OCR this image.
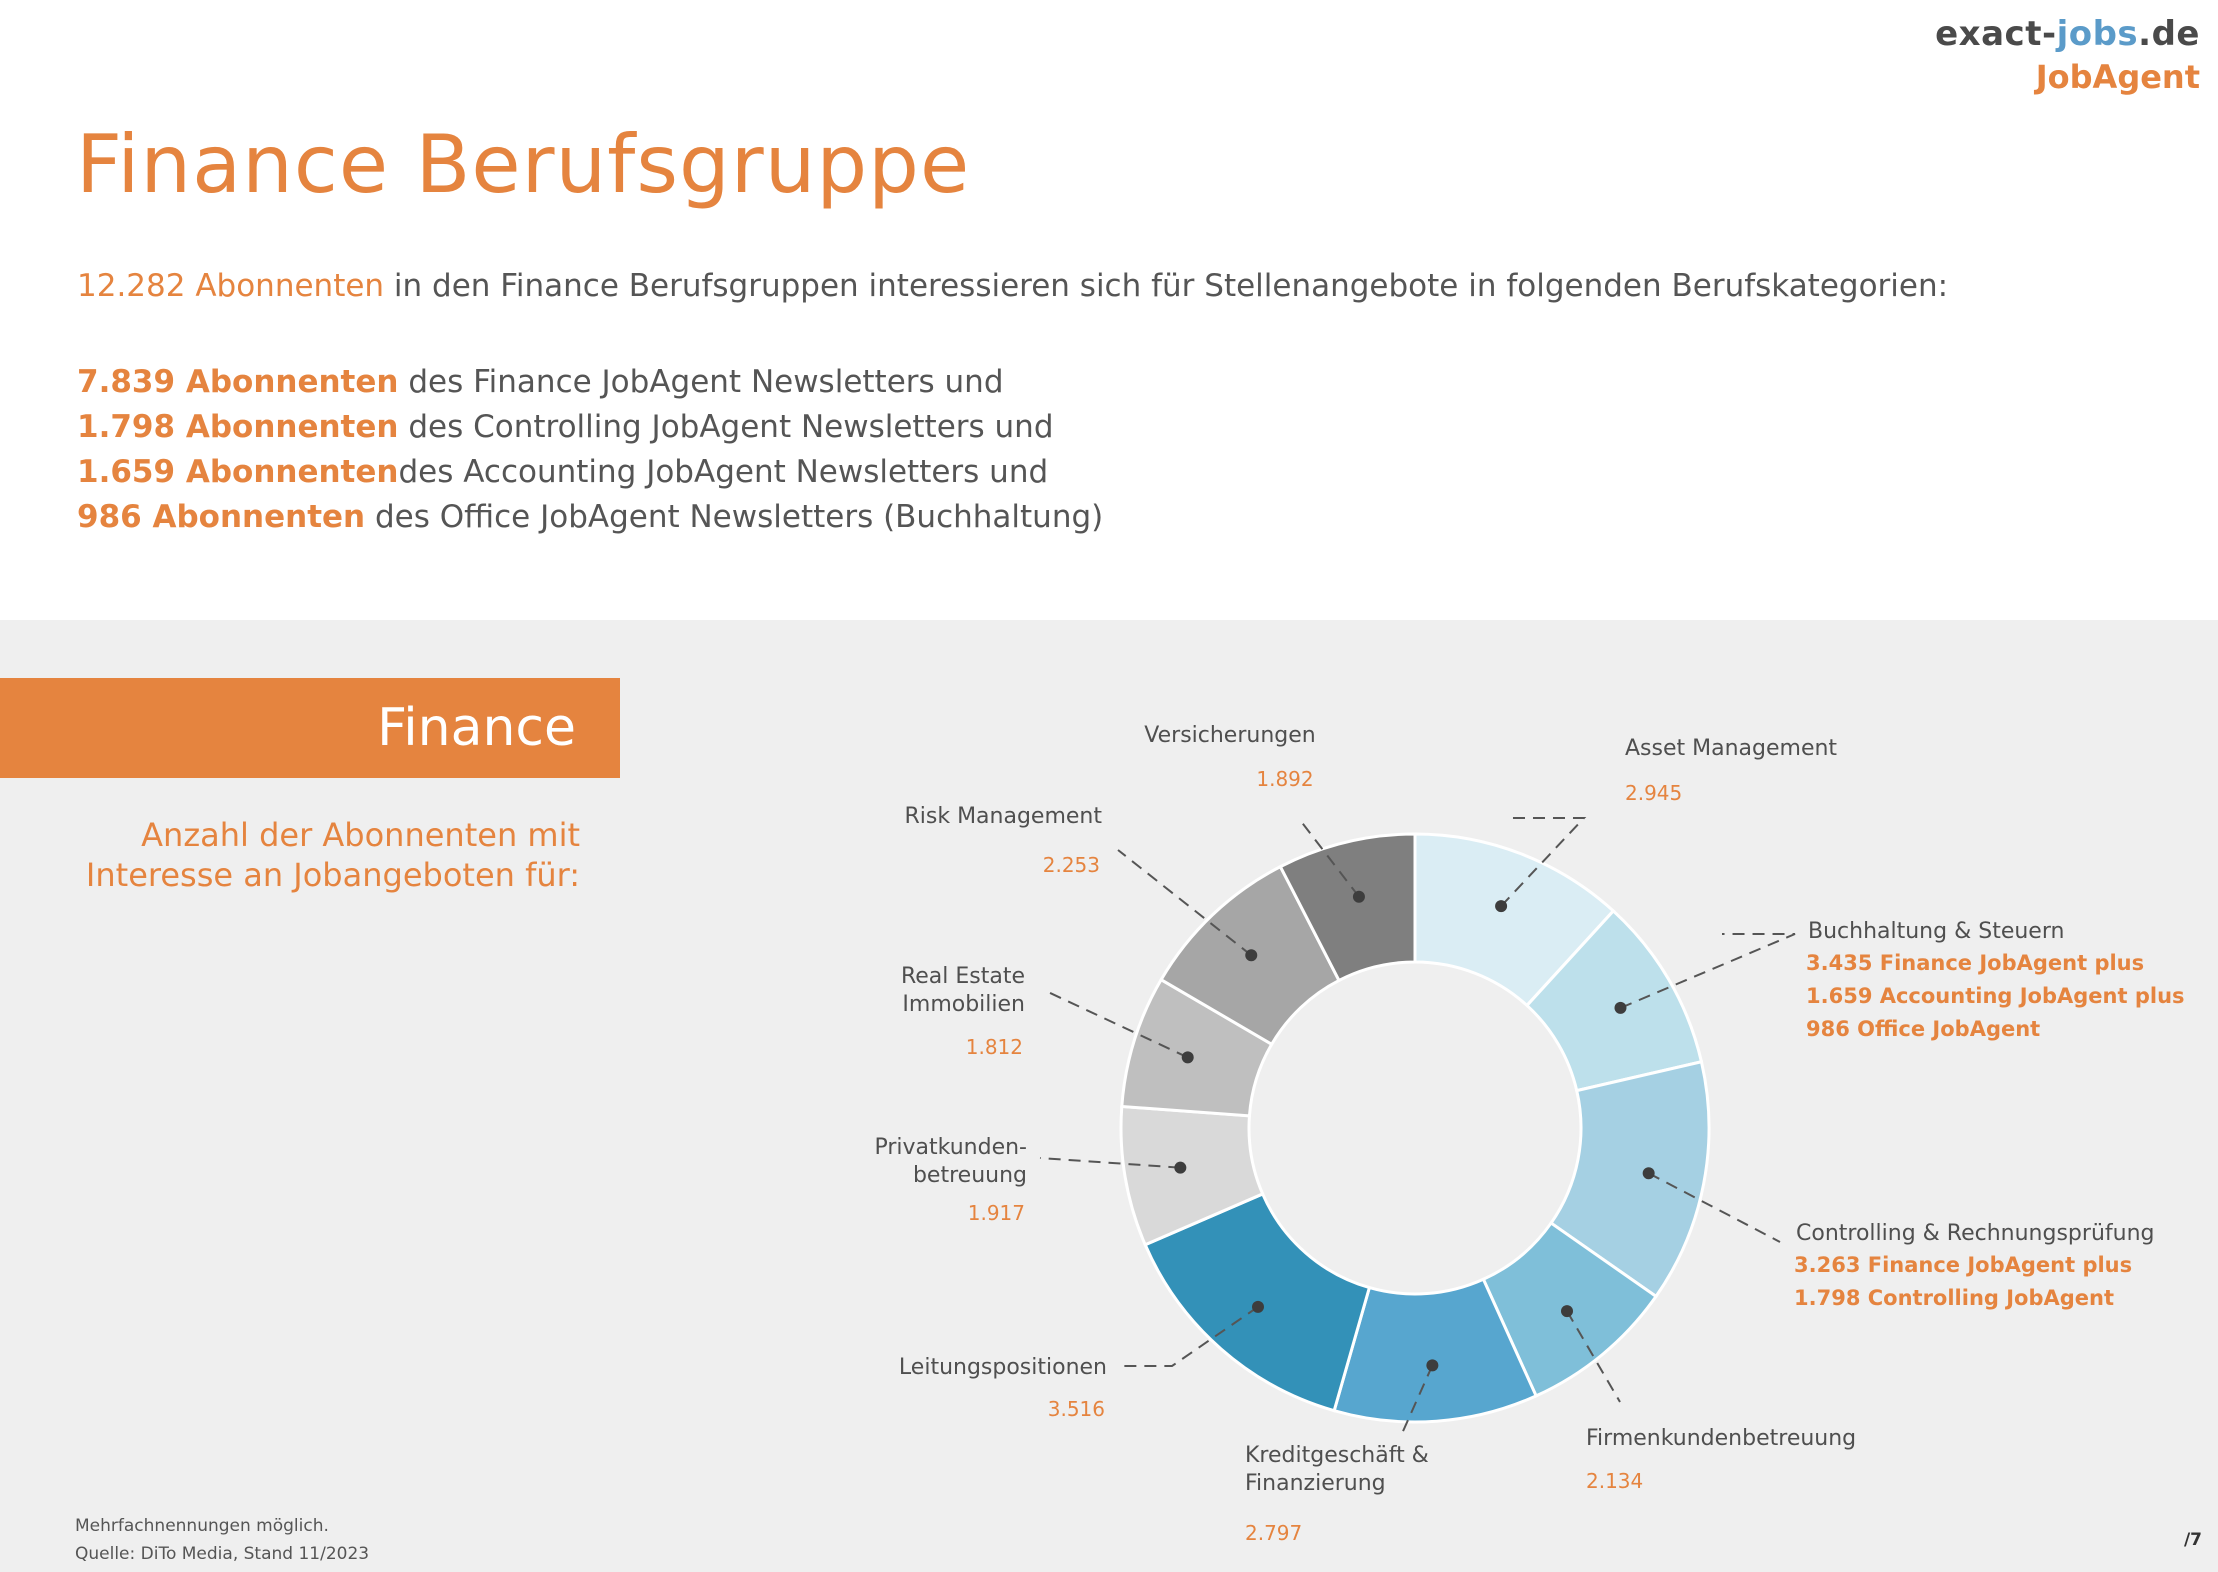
exact-jobs.de
JobAgent
Finance Berufsgruppe
12.282 Abonnenten in den Finance Berufsgruppen interessieren sich für Stellenangebote in folgenden Berufskategorien:
7.839 Abonnenten des Finance JobAgent Newsletters und
1.798 Abonnenten des Controlling JobAgent Newsletters und
1.659 Abonnentendes Accounting JobAgent Newsletters und
986 Abonnenten des Office JobAgent Newsletters (Buchhaltung)
Finance
Anzahl der Abonnenten mit
Interesse an Jobangeboten für:
Asset Management
2.945
Buchhaltung & Steuern
3.435 Finance JobAgent plus
1.659 Accounting JobAgent plus
986 Office JobAgent
Controlling & Rechnungsprüfung
3.263 Finance JobAgent plus
1.798 Controlling JobAgent
Firmenkundenbetreuung
2.134
Kreditgeschäft &
Finanzierung
2.797
Leitungspositionen
3.516
Privatkunden-
betreuung
1.917
Real Estate
Immobilien
1.812
Risk Management
2.253
Versicherungen
1.892
Mehrfachnennungen möglich.
Quelle: DiTo Media, Stand 11/2023
/7
